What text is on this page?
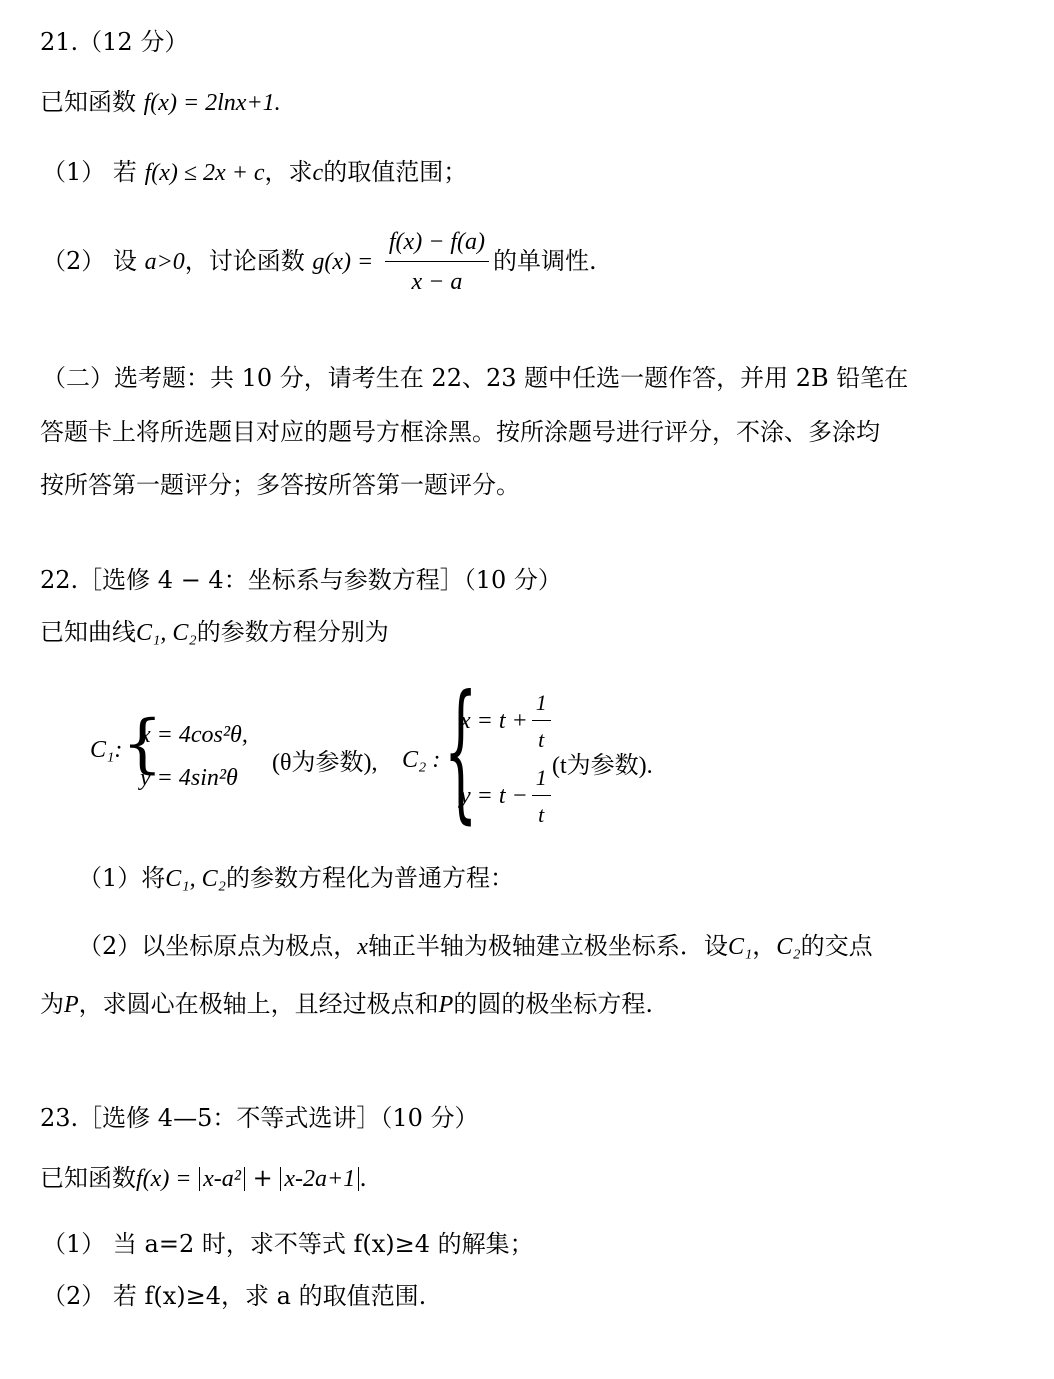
21.（12 分）
已知函数 f(x) = 2lnx+1.
（1） 若 f(x) ≤ 2x + c，求c的取值范围；
（2） 设 a>0，讨论函数 $g(x) = \frac{f(x) - f(a)}{x - a}$ 的单调性.
（二）选考题：共 10 分，请考生在 22、23 题中任选一题作答，并用 2B 铅笔在
答题卡上将所选题目对应的题号方框涂黑。按所涂题号进行评分，不涂、多涂均
按所答第一题评分；多答按所答第一题评分。
22.［选修 4 − 4：坐标系与参数方程］（10 分）
已知曲线C₁, C₂的参数方程分别为
C₁: {
x = 4cos²θ,
y = 4sin²θ
(θ为参数), C₂ : {
$x = t + \frac{1}{t}$
$y = t - \frac{1}{t} (t$为参数).
（1）将C₁, C₂的参数方程化为普通方程：
（2）以坐标原点为极点，x轴正半轴为极轴建立极坐标系．设C₁，C₂的交点
为P，求圆心在极轴上，且经过极点和P的圆的极坐标方程.
23.［选修 4—5：不等式选讲］（10 分）
已知函数f(x) = x-a² + x-2a+1 .
（1） 当 a=2 时，求不等式 f(x)≥4 的解集；
（2） 若 f(x)≥4，求 a 的取值范围.
